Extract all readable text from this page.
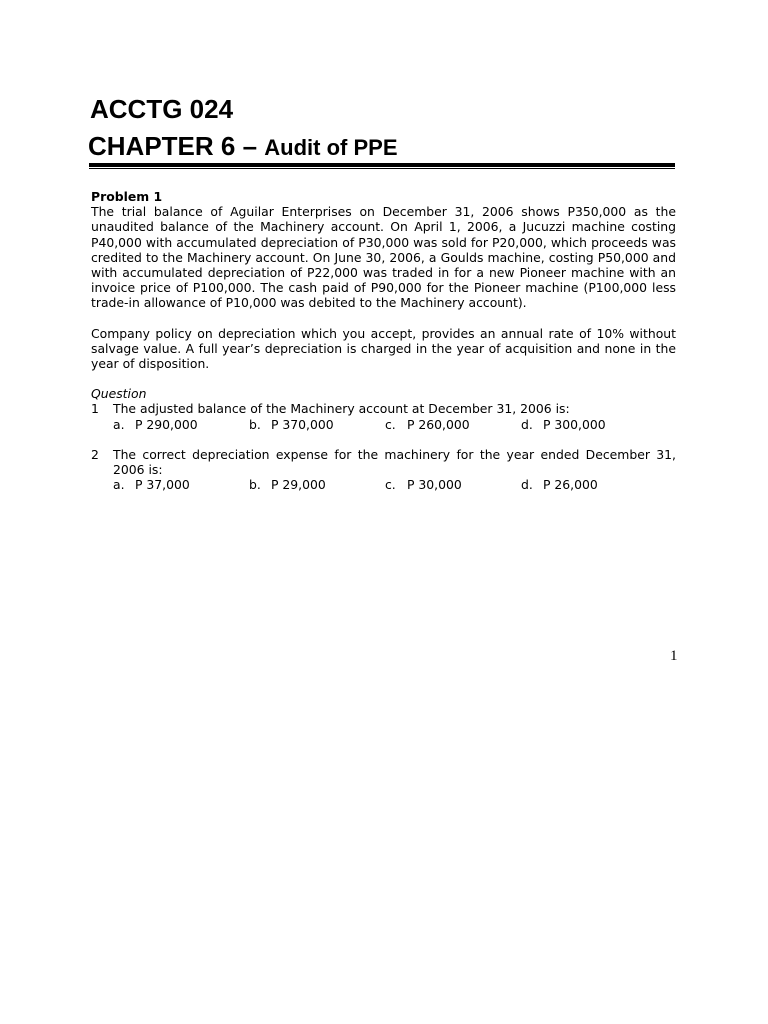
ACCTG 024
CHAPTER 6 – Audit of PPE

Problem 1

The trial balance of Aguilar Enterprises on December 31, 2006 shows P350,000 as the unaudited balance of the Machinery account. On April 1, 2006, a Jucuzzi machine costing P40,000 with accumulated depreciation of P30,000 was sold for P20,000, which proceeds was credited to the Machinery account. On June 30, 2006, a Goulds machine, costing P50,000 and with accumulated depreciation of P22,000 was traded in for a new Pioneer machine with an invoice price of P100,000. The cash paid of P90,000 for the Pioneer machine (P100,000 less trade-in allowance of P10,000 was debited to the Machinery account).

Company policy on depreciation which you accept, provides an annual rate of 10% without salvage value. A full year’s depreciation is charged in the year of acquisition and none in the year of disposition.

Question

1	The adjusted balance of the Machinery account at December 31, 2006 is:
a. P 290,000	b. P 370,000	c. P 260,000	d. P 300,000
2	The correct depreciation expense for the machinery for the year ended December 31, 2006 is:
a. P 37,000	b. P 29,000	c. P 30,000	d. P 26,000
1
